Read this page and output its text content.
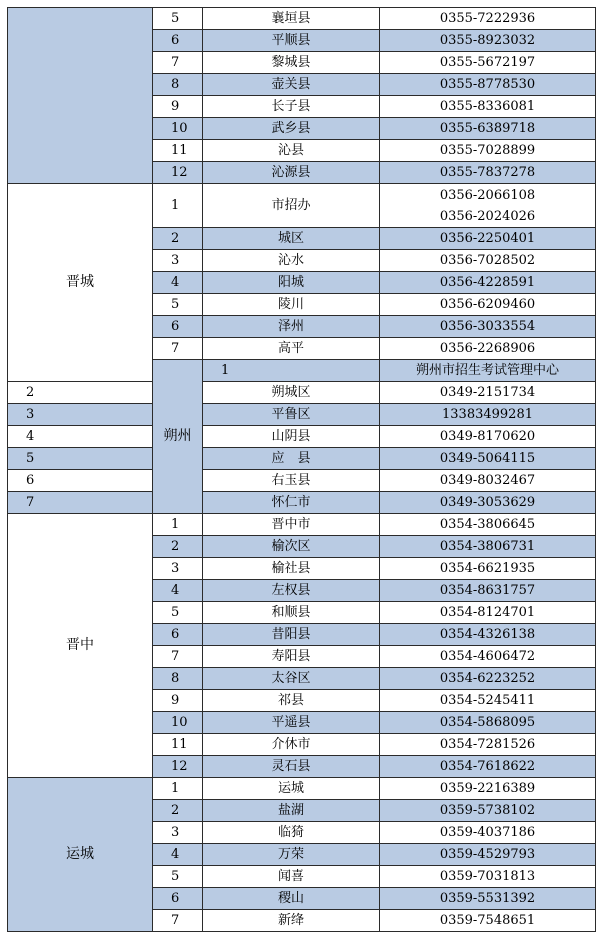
	5	襄垣县	0355-7222936	

	6	平顺县	0355-8923032	

	7	黎城县	0355-5672197	

	8	壶关县	0355-8778530	

	9	长子县	0355-8336081	

	10	武乡县	0355-6389718	

	11	沁县	0355-7028899	

	12	沁源县	0355-7837278	

晋城	1	市招办	0356-2066108
0356-2024026	

	2	城区	0356-2250401	

	3	沁水	0356-7028502	

	4	阳城	0356-4228591	

	5	陵川	0356-6209460	

	6	泽州	0356-3033554	

	7	高平	0356-2268906	

	朔州	1	朔州市招生考试管理中心	

2		朔城区	0349-2151734	

3		平鲁区	13383499281	

4		山阴县	0349-8170620	

5		应　县	0349-5064115	

6		右玉县	0349-8032467	

7		怀仁市	0349-3053629	

晋中	1	晋中市	0354-3806645	

	2	榆次区	0354-3806731	

	3	榆社县	0354-6621935	

	4	左权县	0354-8631757	

	5	和顺县	0354-8124701	

	6	昔阳县	0354-4326138	

	7	寿阳县	0354-4606472	

	8	太谷区	0354-6223252	

	9	祁县	0354-5245411	

	10	平遥县	0354-5868095	

	11	介休市	0354-7281526	

	12	灵石县	0354-7618622	

运城	1	运城	0359-2216389	

	2	盐湖	0359-5738102	

	3	临猗	0359-4037186	

	4	万荣	0359-4529793	

	5	闻喜	0359-7031813	

	6	稷山	0359-5531392	

	7	新绛	0359-7548651	
